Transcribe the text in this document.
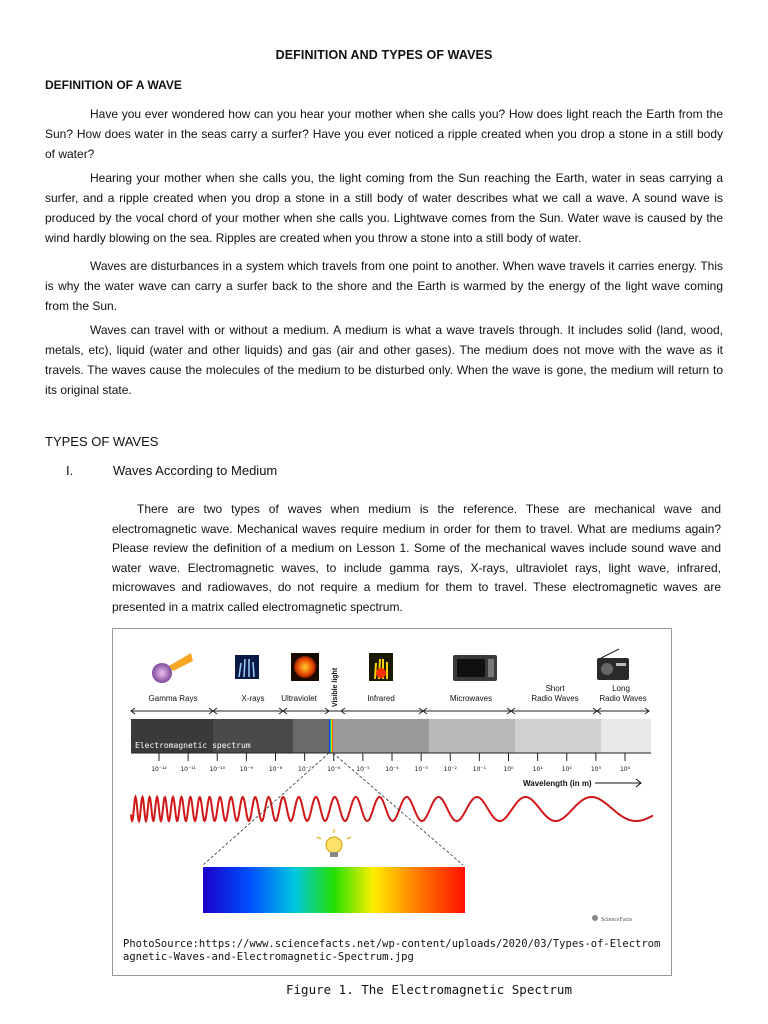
DEFINITION AND TYPES OF WAVES
DEFINITION OF A WAVE

Have you ever wondered how can you hear your mother when she calls you? How does light reach the Earth from the Sun? How does water in the seas carry a surfer? Have you ever noticed a ripple created when you drop a stone in a still body of water?

Hearing your mother when she calls you, the light coming from the Sun reaching the Earth, water in seas carrying a surfer, and a ripple created when you drop a stone in a still body of water describes what we call a wave. A sound wave is produced by the vocal chord of your mother when she calls you. Lightwave comes from the Sun. Water wave is caused by the wind hardly blowing on the sea. Ripples are created when you throw a stone into a still body of water.

Waves are disturbances in a system which travels from one point to another. When wave travels it carries energy. This is why the water wave can carry a surfer back to the shore and the Earth is warmed by the energy of the light wave coming from the Sun.

Waves can travel with or without a medium. A medium is what a wave travels through. It includes solid (land, wood, metals, etc), liquid (water and other liquids) and gas (air and other gases). The medium does not move with the wave as it travels. The waves cause the molecules of the medium to be disturbed only. When the wave is gone, the medium will return to its original state.

TYPES OF WAVES
I.	Waves According to Medium

There are two types of waves when medium is the reference. These are mechanical wave and electromagnetic wave. Mechanical waves require medium in order for them to travel. What are mediums again? Please review the definition of a medium on Lesson 1. Some of the mechanical waves include sound wave and water wave. Electromagnetic waves, to include gamma rays, X-rays, ultraviolet rays, light wave, infrared, microwaves and radiowaves, do not require a medium for them to travel. These electromagnetic waves are presented in a matrix called electromagnetic spectrum.

Gamma Rays	X-rays Ultraviolet	Infrared	Microwaves
Short
Radio Waves
Long
Radio Waves
Visible light
Electromagnetic spectrum
10⁻¹² 10⁻¹¹ 10⁻¹⁰ 10⁻⁹	10⁻⁸	10⁻⁷	10⁻⁶	10⁻⁵	10⁻⁴	10⁻³	10⁻²	10⁻¹	10⁰	10¹	10²	10³	10⁴
Wavelength (in m)
ScienceFacts
PhotoSource:https://www.sciencefacts.net/wp-content/uploads/2020/03/Types-of-Electromagnetic-Waves-and-Electromagnetic-Spectrum.jpg
Figure 1. The Electromagnetic Spectrum
